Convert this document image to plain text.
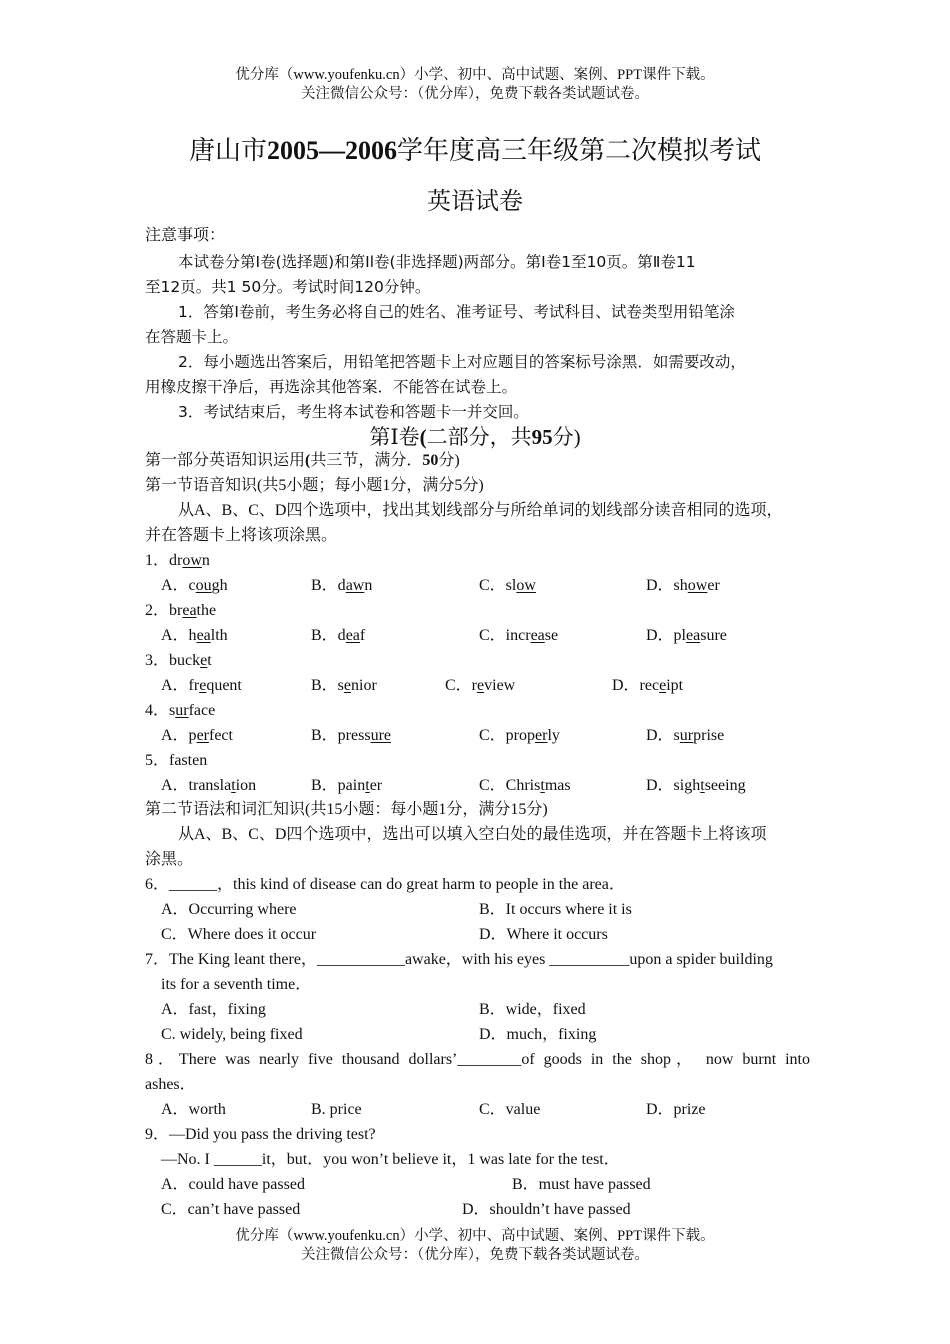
优分库（www.youfenku.cn）小学、初中、高中试题、案例、PPT课件下载。
关注微信公众号：（优分库），免费下载各类试题试卷。
唐山市2005—2006学年度高三年级第二次模拟考试
英语试卷
注意事项：
本试卷分第Ⅰ卷(选择题)和第Ⅰl卷(非选择题)两部分。第Ⅰ卷1至10页。第Ⅱ卷11
至12页。共1 50分。考试时间120分钟。
1．答第Ⅰ卷前，考生务必将自己的姓名、准考证号、考试科目、试卷类型用铅笔涂
在答题卡上。
2．每小题选出答案后，用铅笔把答题卡上对应题目的答案标号涂黑．如需要改动，
用橡皮擦干净后，再选涂其他答案．不能答在试卷上。
3．考试结束后，考生将本试卷和答题卡一并交回。
第Ⅰ卷(二部分，共95分)
第一部分英语知识运用(共三节，满分．50分)
第一节语音知识(共5小题；每小题1分，满分5分)
从A、B、C、D四个选项中，找出其划线部分与所给单词的划线部分读音相同的选项，
并在答题卡上将该项涂黑。
1．drown
A．cough	B．dawn	C．slow	D．shower
2．breathe
A．health	B．deaf	C．increase	D．pleasure
3．bucket
A．frequent	B．senior	C．review	D．receipt
4．surface
A．perfect	B．pressure	C．properly	D．surprise
5．fasten
A．translation	B．painter	C．Christmas	D．sightseeing
第二节语法和词汇知识(共15小题：每小题1分，满分15分)
从A、B、C、D四个选项中，选出可以填入空白处的最佳选项，并在答题卡上将该项
涂黑。
6．______，this kind of disease can do great harm to people in the area．
A．Occurring where	B．It occurs where it is
C．Where does it occur	D．Where it occurs
7．The King leant there，___________awake，with his eyes __________upon a spider building
its for a seventh time．
A．fast，fixing	B．wide，fixed
C. widely, being fixed	D．much，fixing
8．There was nearly five thousand dollars’________of goods in the shop， now burnt into
ashes．
A．worth	B. price	C．value	D．prize
9．—Did you pass the driving test?
—No. I ______it，but．you won’t believe it，1 was late for the test．
A．could have passed	B．must have passed
C．can’t have passed	D．shouldn’t have passed
优分库（www.youfenku.cn）小学、初中、高中试题、案例、PPT课件下载。
关注微信公众号：（优分库），免费下载各类试题试卷。
